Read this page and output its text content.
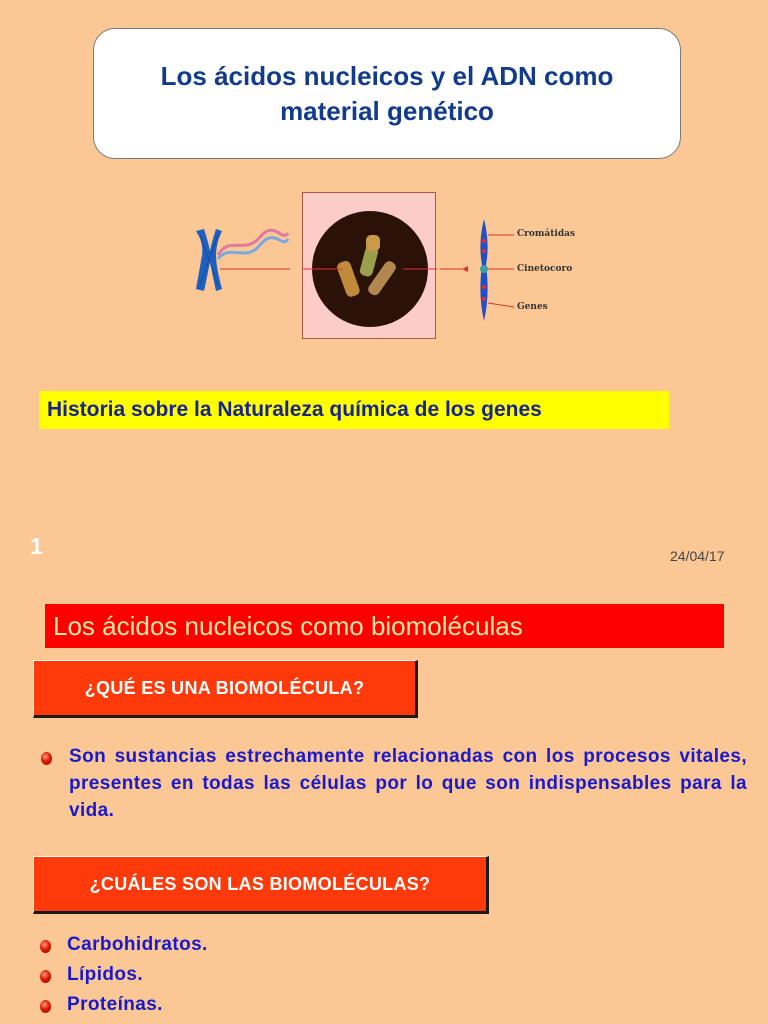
Los ácidos nucleicos y el ADN como material genético
Cromátidas
Cinetocoro
Genes
Historia sobre la Naturaleza química de los genes
1	24/04/17
Los ácidos nucleicos como biomoléculas
¿QUÉ ES UNA BIOMOLÉCULA?
Son sustancias estrechamente relacionadas con los procesos vitales, presentes en todas las células por lo que son indispensables para la vida.
¿CUÁLES SON LAS BIOMOLÉCULAS?
Carbohidratos.
Lípidos.
Proteínas.
